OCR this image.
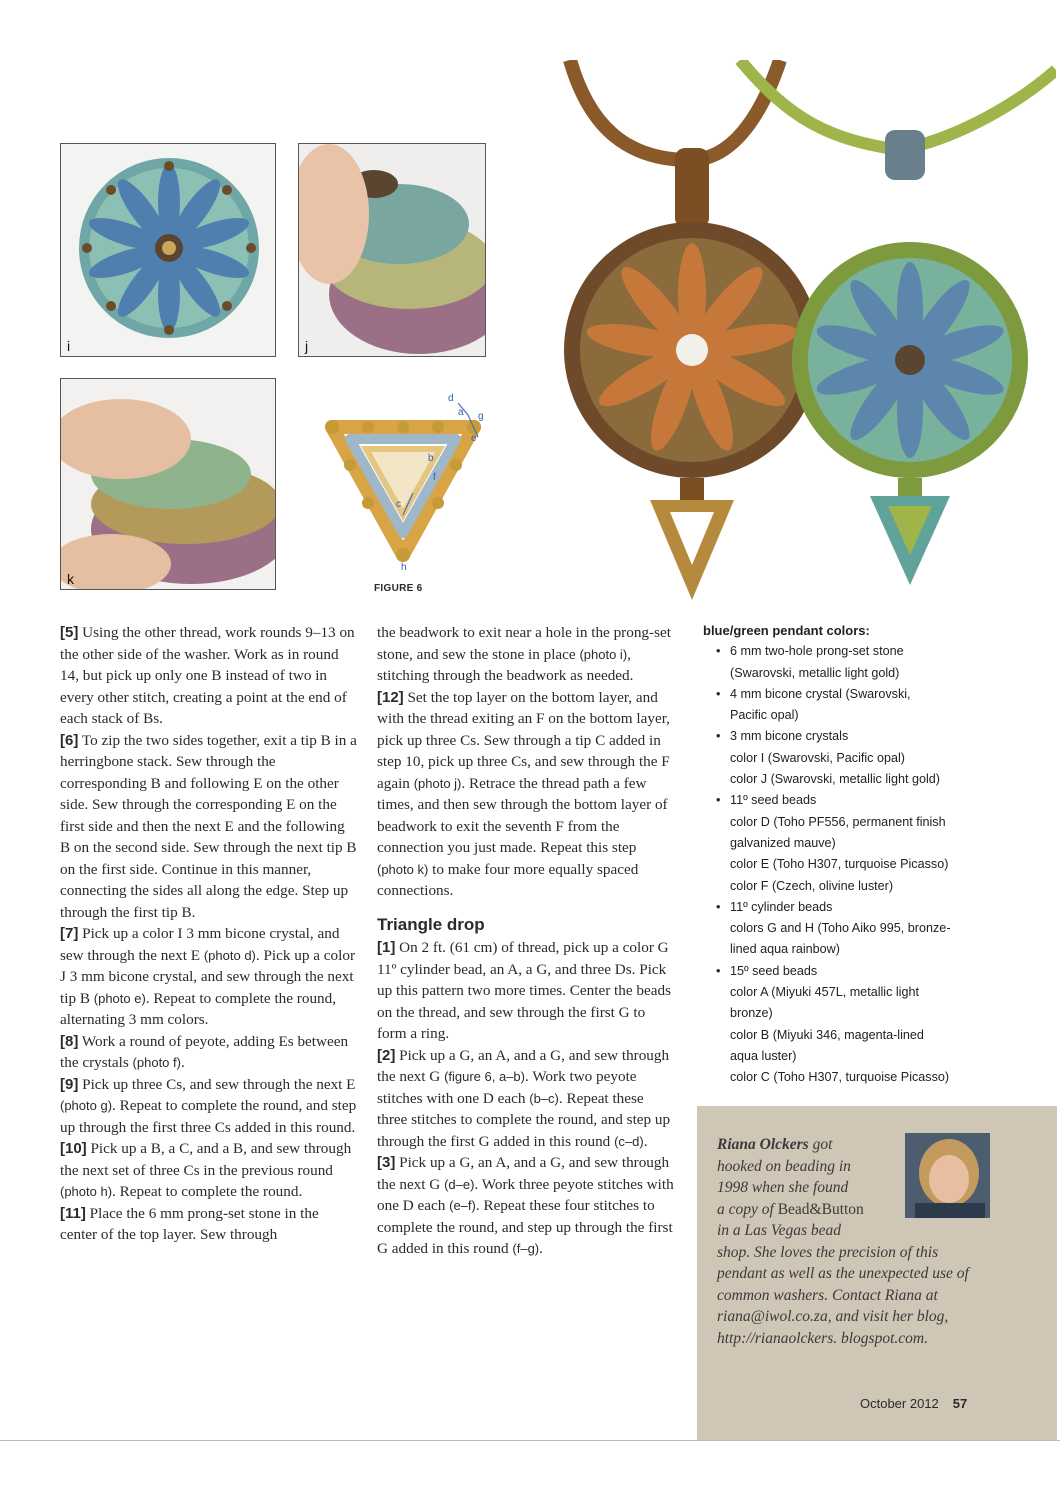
i	j
k
d
a g
e
b
f
c
h
FIGURE 6

[5] Using the other thread, work rounds 9–13 on the other side of the washer. Work as in round 14, but pick up only one B instead of two in every other stitch, creating a point at the end of each stack of Bs.

[6] To zip the two sides together, exit a tip B in a herringbone stack. Sew through the corresponding B and following E on the other side. Sew through the corresponding E on the first side and then the next E and the following B on the second side. Sew through the next tip B on the first side. Continue in this manner, connecting the sides all along the edge. Step up through the first tip B.

[7] Pick up a color I 3 mm bicone crystal, and sew through the next E (photo d). Pick up a color J 3 mm bicone crystal, and sew through the next tip B (photo e). Repeat to complete the round, alternating 3 mm colors.

[8] Work a round of peyote, adding Es between the crystals (photo f).

[9] Pick up three Cs, and sew through the next E (photo g). Repeat to complete the round, and step up through the first three Cs added in this round.

[10] Pick up a B, a C, and a B, and sew through the next set of three Cs in the previous round (photo h). Repeat to complete the round.

[11] Place the 6 mm prong-set stone in the center of the top layer. Sew through

the beadwork to exit near a hole in the prong-set stone, and sew the stone in place (photo i), stitching through the beadwork as needed.

[12] Set the top layer on the bottom layer, and with the thread exiting an F on the bottom layer, pick up three Cs. Sew through a tip C added in step 10, pick up three Cs, and sew through the F again (photo j). Retrace the thread path a few times, and then sew through the bottom layer of beadwork to exit the seventh F from the connection you just made. Repeat this step (photo k) to make four more equally spaced connections.

Triangle drop

[1] On 2 ft. (61 cm) of thread, pick up a color G 11º cylinder bead, an A, a G, and three Ds. Pick up this pattern two more times. Center the beads on the thread, and sew through the first G to form a ring.

[2] Pick up a G, an A, and a G, and sew through the next G (figure 6, a–b). Work two peyote stitches with one D each (b–c). Repeat these three stitches to complete the round, and step up through the first G added in this round (c–d).

[3] Pick up a G, an A, and a G, and sew through the next G (d–e). Work three peyote stitches with one D each (e–f). Repeat these four stitches to complete the round, and step up through the first G added in this round (f–g).

blue/green pendant colors:
• 6 mm two-hole prong-set stone
(Swarovski, metallic light gold)
• 4 mm bicone crystal (Swarovski,
Pacific opal)
• 3 mm bicone crystals
color I (Swarovski, Pacific opal)
color J (Swarovski, metallic light gold)
• 11º seed beads
color D (Toho PF556, permanent finish
galvanized mauve)
color E (Toho H307, turquoise Picasso)
color F (Czech, olivine luster)
• 11º cylinder beads
colors G and H (Toho Aiko 995, bronze-
lined aqua rainbow)
• 15º seed beads
color A (Miyuki 457L, metallic light
bronze)
color B (Miyuki 346, magenta-lined
aqua luster)
color C (Toho H307, turquoise Picasso)
Riana Olckers got
hooked on beading in
1998 when she found
a copy of Bead&Button
in a Las Vegas bead
shop. She loves the precision of this pendant as well as the unexpected use of common washers. Contact Riana at riana@iwol.co.za, and visit her blog, http://rianaolckers. blogspot.com.
October 2012 57
